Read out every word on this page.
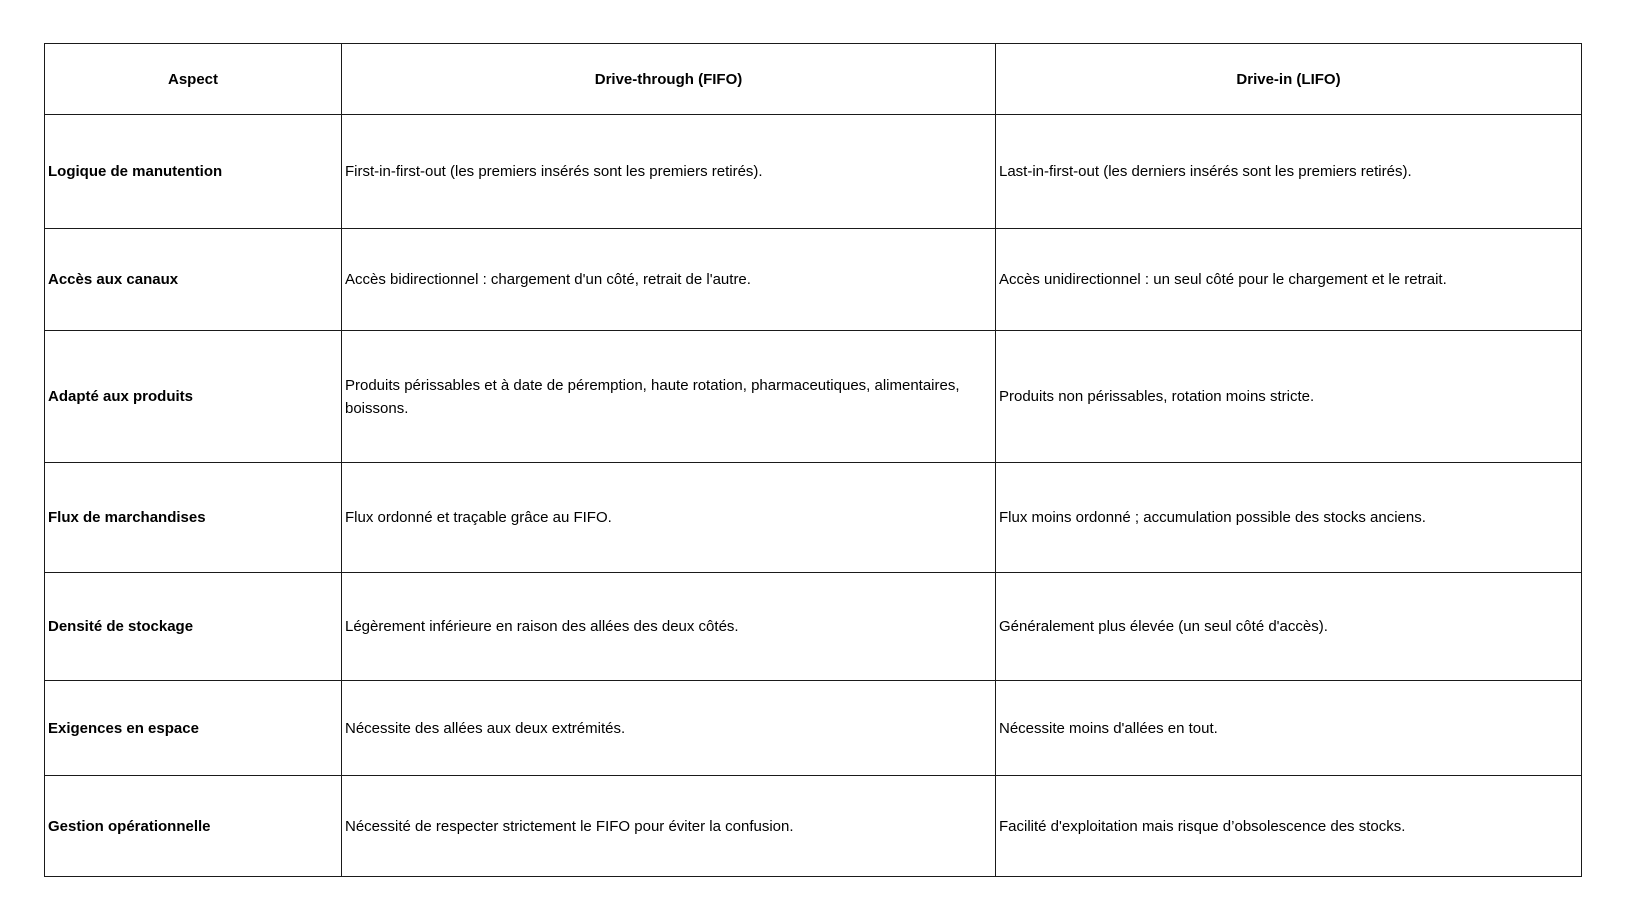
Aspect	Drive-through (FIFO)	Drive-in (LIFO)
Logique de manutention	First-in-first-out (les premiers insérés sont les premiers retirés).	Last-in-first-out (les derniers insérés sont les premiers retirés).
Accès aux canaux	Accès bidirectionnel : chargement d'un côté, retrait de l'autre.	Accès unidirectionnel : un seul côté pour le chargement et le retrait.
Adapté aux produits	Produits périssables et à date de péremption, haute rotation, pharmaceutiques, alimentaires, boissons.	Produits non périssables, rotation moins stricte.
Flux de marchandises	Flux ordonné et traçable grâce au FIFO.	Flux moins ordonné ; accumulation possible des stocks anciens.
Densité de stockage	Légèrement inférieure en raison des allées des deux côtés.	Généralement plus élevée (un seul côté d'accès).
Exigences en espace	Nécessite des allées aux deux extrémités.	Nécessite moins d'allées en tout.
Gestion opérationnelle	Nécessité de respecter strictement le FIFO pour éviter la confusion.	Facilité d'exploitation mais risque d’obsolescence des stocks.
